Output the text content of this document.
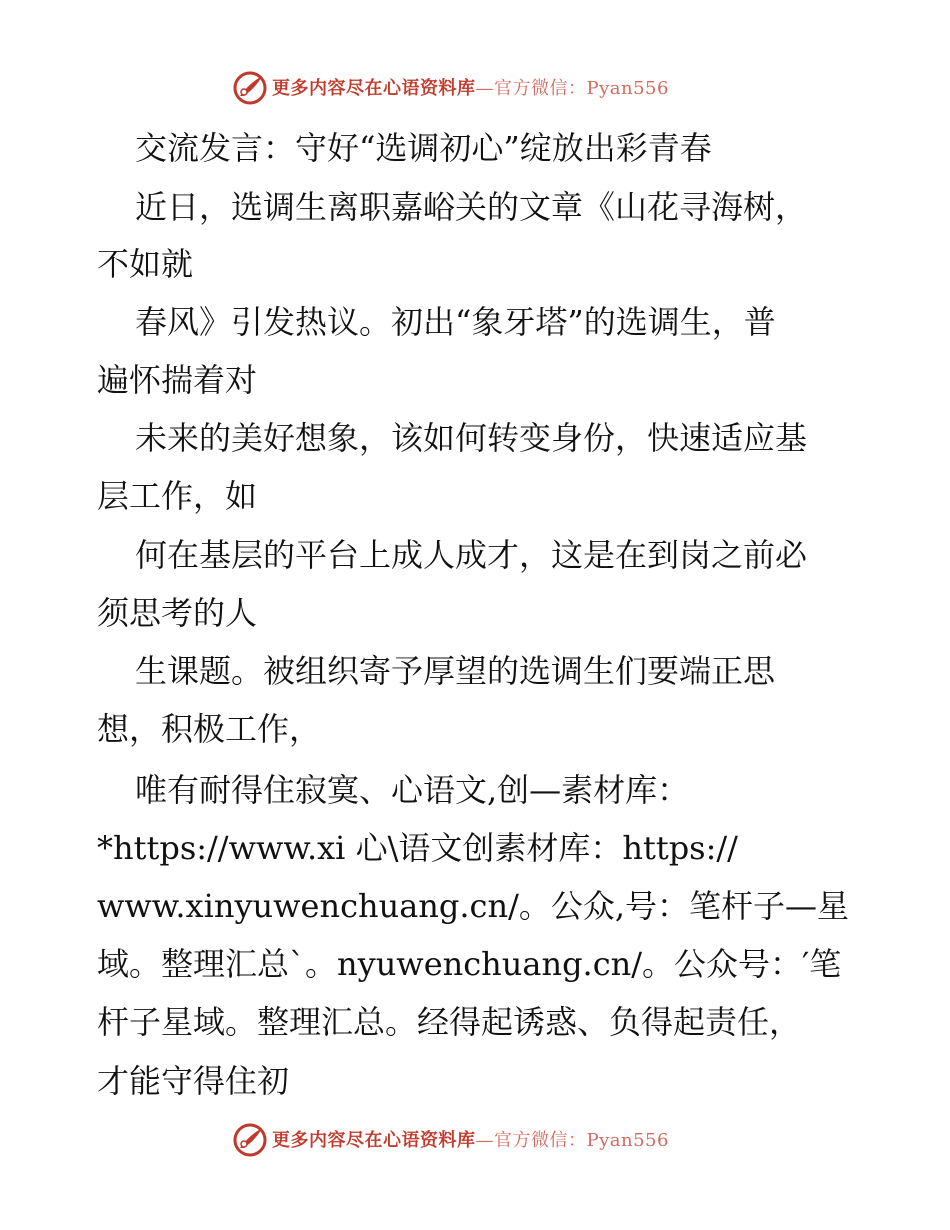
更多内容尽在心语资料库—官方微信：Pyan556
交流发言：守好“选调初心”绽放出彩青春
近日，选调生离职嘉峪关的文章《山花寻海树，
不如就
春风》引发热议。初出“象牙塔”的选调生，普
遍怀揣着对
未来的美好想象，该如何转变身份，快速适应基
层工作，如
何在基层的平台上成人成才，这是在到岗之前必
须思考的人
生课题。被组织寄予厚望的选调生们要端正思
想，积极工作，
唯有耐得住寂寞、心语文,创—素材库：
*https://www.xi 心\语文创素材库：https://
www.xinyuwenchuang.cn/。公众,号：笔杆子—星
域。整理汇总`。nyuwenchuang.cn/。公众号：′笔
杆子星域。整理汇总。经得起诱惑、负得起责任，
才能守得住初
更多内容尽在心语资料库—官方微信：Pyan556
